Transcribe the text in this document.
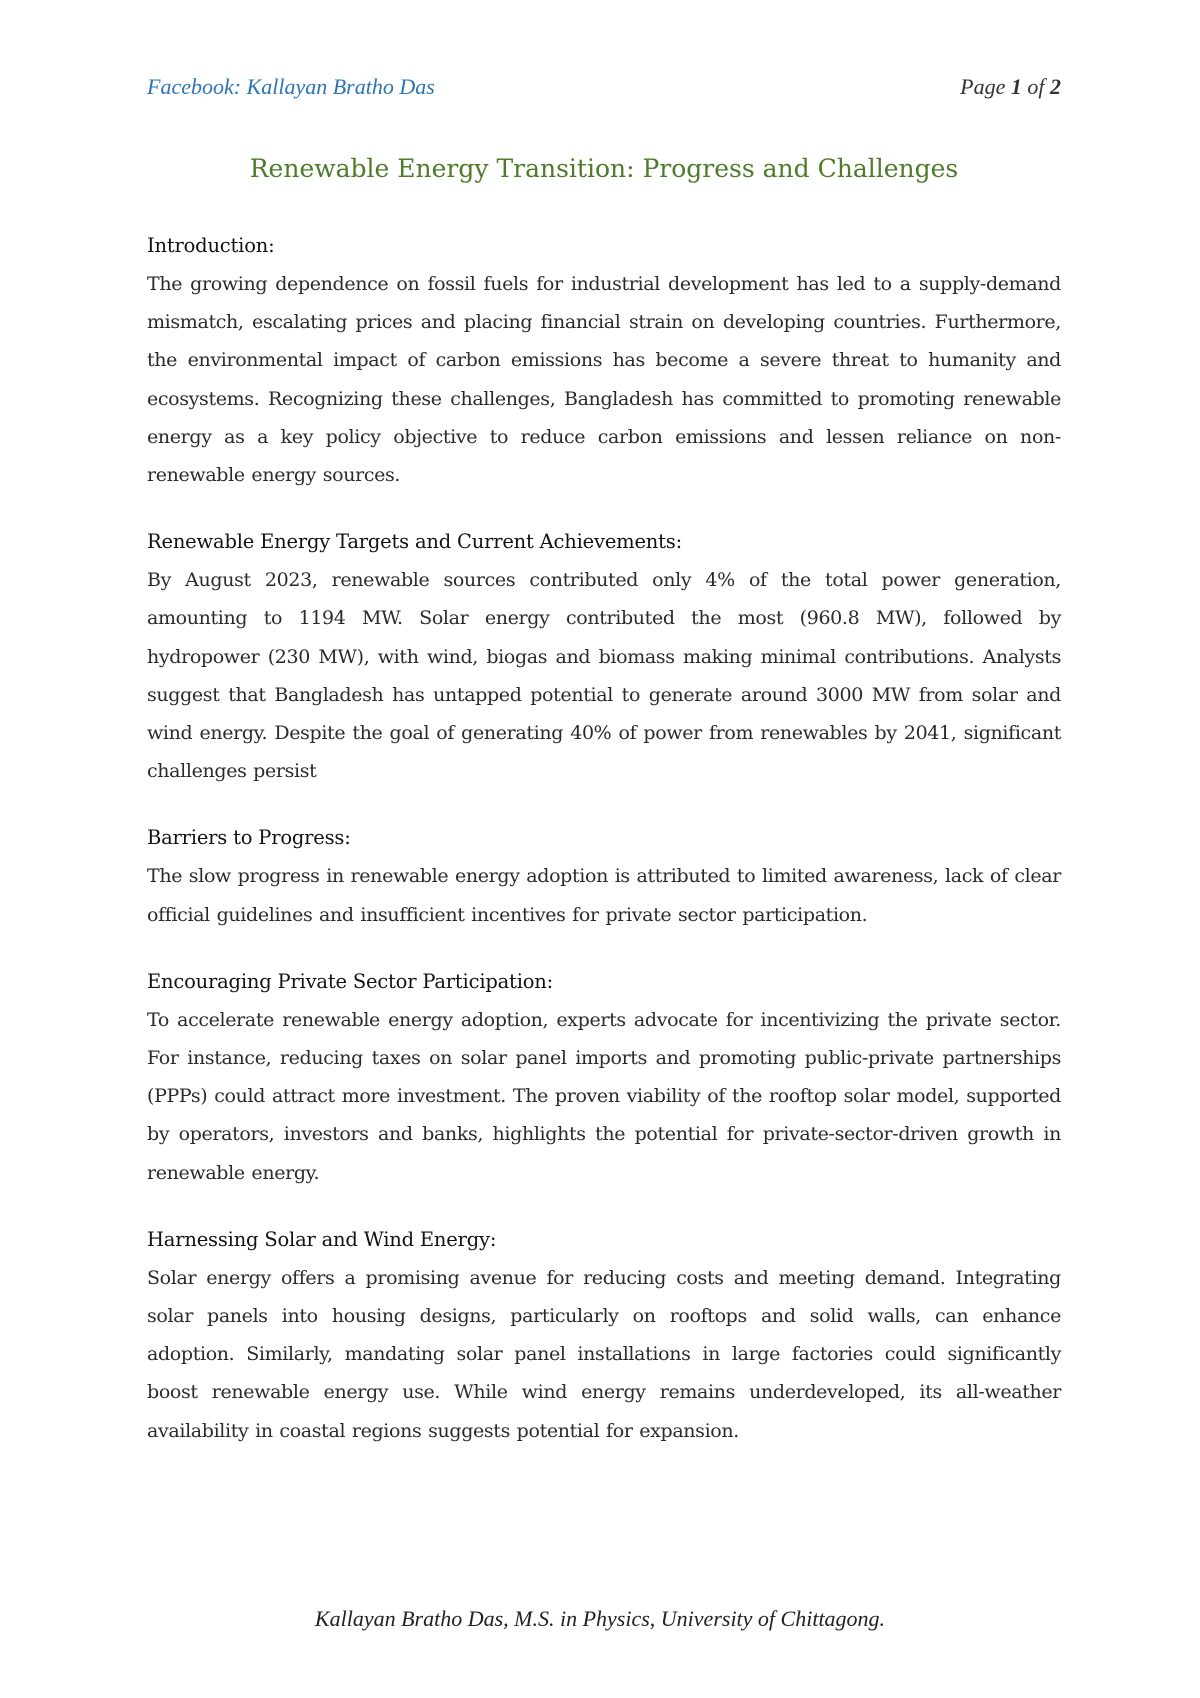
Facebook: Kallayan Bratho Das	Page 1 of 2
Renewable Energy Transition: Progress and Challenges
Introduction:

The growing dependence on fossil fuels for industrial development has led to a supply-demand mismatch, escalating prices and placing financial strain on developing countries. Furthermore, the environmental impact of carbon emissions has become a severe threat to humanity and ecosystems. Recognizing these challenges, Bangladesh has committed to promoting renewable energy as a key policy objective to reduce carbon emissions and lessen reliance on non-renewable energy sources.

Renewable Energy Targets and Current Achievements:

By August 2023, renewable sources contributed only 4% of the total power generation, amounting to 1194 MW. Solar energy contributed the most (960.8 MW), followed by hydropower (230 MW), with wind, biogas and biomass making minimal contributions. Analysts suggest that Bangladesh has untapped potential to generate around 3000 MW from solar and wind energy. Despite the goal of generating 40% of power from renewables by 2041, significant challenges persist

Barriers to Progress:

The slow progress in renewable energy adoption is attributed to limited awareness, lack of clear official guidelines and insufficient incentives for private sector participation.

Encouraging Private Sector Participation:

To accelerate renewable energy adoption, experts advocate for incentivizing the private sector. For instance, reducing taxes on solar panel imports and promoting public-private partnerships (PPPs) could attract more investment. The proven viability of the rooftop solar model, supported by operators, investors and banks, highlights the potential for private-sector-driven growth in renewable energy.

Harnessing Solar and Wind Energy:

Solar energy offers a promising avenue for reducing costs and meeting demand. Integrating solar panels into housing designs, particularly on rooftops and solid walls, can enhance adoption. Similarly, mandating solar panel installations in large factories could significantly boost renewable energy use. While wind energy remains underdeveloped, its all-weather availability in coastal regions suggests potential for expansion.

Kallayan Bratho Das, M.S. in Physics, University of Chittagong.
